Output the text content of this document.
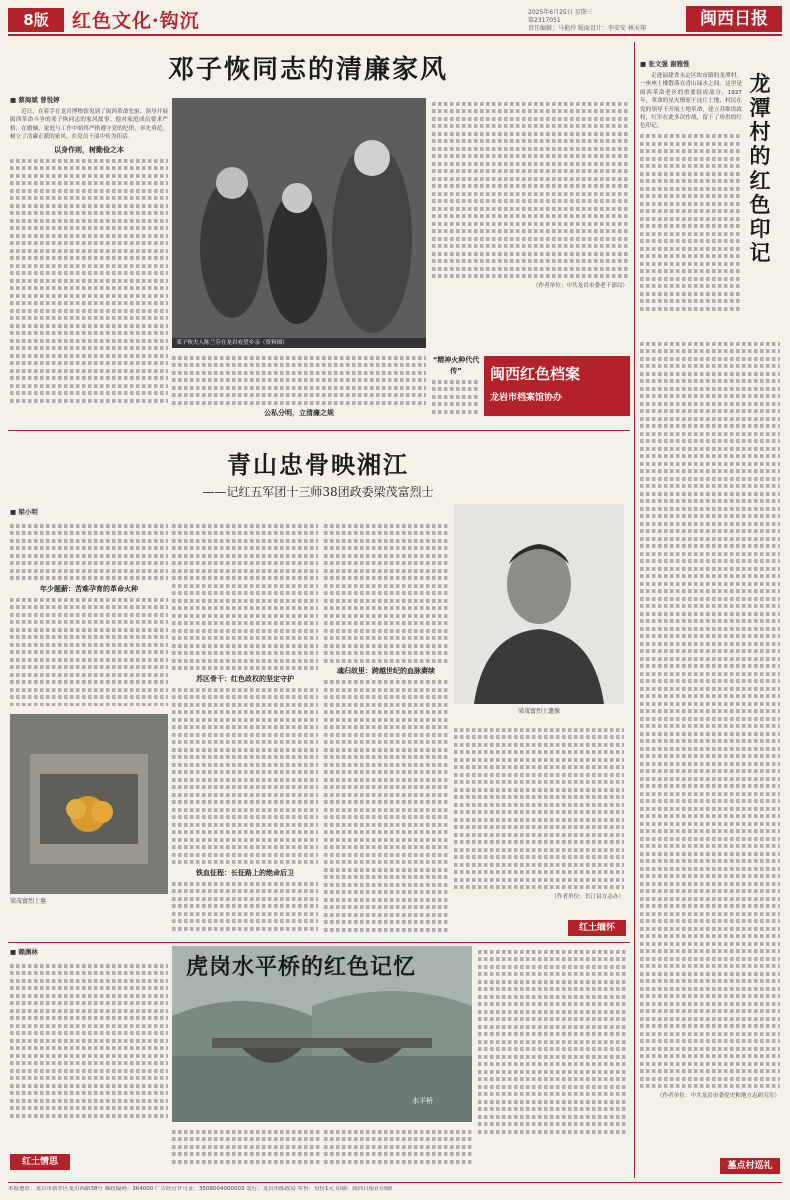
8版	红色文化·钩沉	2025年6月25日 星期三
第2317051
责任编辑：马艳玲 版面设计：李安安 林天翔	闽西日报
邓子恢同志的清廉家风
■ 蔡海斌 曾悦婷
近日，在着手在龙岩博物馆见到了闽西革命先驱、领导开展闽西革命斗争的邓子恢同志的家风故事。他对家庭成员要求严格，在婚姻、家庭与工作中始终严格遵守党的纪律，率先垂范，树立了清廉正派的家风，在党员干部中传为佳话。
以身作则，树勤俭之本
邓子恢夫人陈兰芬在龙岩看望乡亲（资料图）
公私分明，立清廉之规
（作者单位：中共龙岩市委老干部局）
“精神火种代代传”	闽西红色档案
龙岩市档案馆协办
青山忠骨映湘江
——记红五军团十三师38团政委梁茂富烈士
■ 梁小明
年少题薪：苦难孕育的革命火种
梁茂富烈士墓
苏区骨干：红色政权的坚定守护
铁血征程：长征路上的绝命后卫
魂归故里：跨越世纪的血脉赓续
梁茂富烈士遗像
（作者单位：长汀县方志办）
红土缅怀
■ 赖渊林
红土情思
虎岗水平桥的红色记忆
水平桥
■ 张文强 谢雅惟
龙潭村的红色印记
走进福建省永定区坎市镇的龙潭村，一座座土楼散落在青山绿水之间。这里是闽西革命老区的重要组成部分，1927年，革命的星火燎原于这片土地，村民在党的领导下开展土地革命，建立苏维埃政权，红军在此多次作战，留下了珍贵的红色印记。
（作者单位：中共龙岩市委党史和地方志研究室）
墓点村巡礼
本报地址：龙岩市新罗区龙川西路38号 邮政编码：364000 广告经营许可证：3508004000003 发行：龙岩市邮政局 零售：每份1元 印刷：闽西日报社印刷厂
